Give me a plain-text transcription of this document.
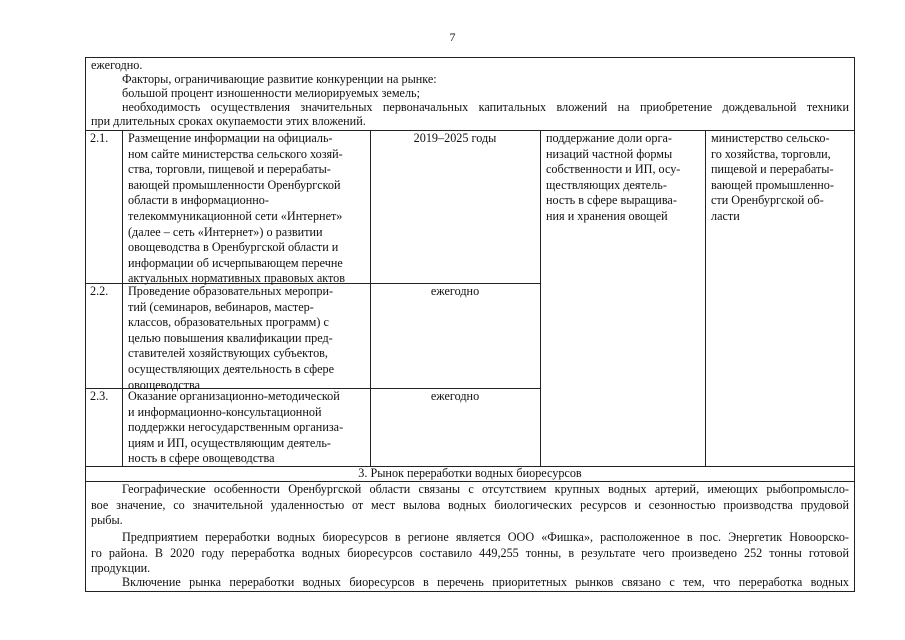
7
ежегодно.
Факторы, ограничивающие развитие конкуренции на рынке:
большой процент изношенности мелиорируемых земель;
необходимость осуществления значительных первоначальных капитальных вложений на приобретение дождевальной техники
при длительных сроках окупаемости этих вложений.
2.1. Размещение информации на официаль-
ном сайте министерства сельского хозяй-
ства, торговли, пищевой и перерабаты-
вающей промышленности Оренбургской
области в информационно-
телекоммуникационной сети «Интернет»
(далее – сеть «Интернет») о развитии
овощеводства в Оренбургской области и
информации об исчерпывающем перечне
актуальных нормативных правовых актов
2019–2025 годы	поддержание доли орга-
низаций частной формы
собственности и ИП, осу-
ществляющих деятель-
ность в сфере выращива-
ния и хранения овощей
министерство сельско-
го хозяйства, торговли,
пищевой и перерабаты-
вающей промышленно-
сти Оренбургской об-
ласти
2.2. Проведение образовательных меропри-
тий (семинаров, вебинаров, мастер-
классов, образовательных программ) с
целью повышения квалификации пред-
ставителей хозяйствующих субъектов,
осуществляющих деятельность в сфере
овощеводства
ежегодно
2.3. Оказание организационно-методической
и информационно-консультационной
поддержки негосударственным организа-
циям и ИП, осуществляющим деятель-
ность в сфере овощеводства
ежегодно
3. Рынок переработки водных биоресурсов
Географические особенности Оренбургской области связаны с отсутствием крупных водных артерий, имеющих рыбопромысло-
вое значение, со значительной удаленностью от мест вылова водных биологических ресурсов и сезонностью производства прудовой
рыбы.
Предприятием переработки водных биоресурсов в регионе является ООО «Фишка», расположенное в пос. Энергетик Новоорско-
го района. В 2020 году переработка водных биоресурсов составило 449,255 тонны, в результате чего произведено 252 тонны готовой
продукции.
Включение рынка переработки водных биоресурсов в перечень приоритетных рынков связано с тем, что переработка водных
